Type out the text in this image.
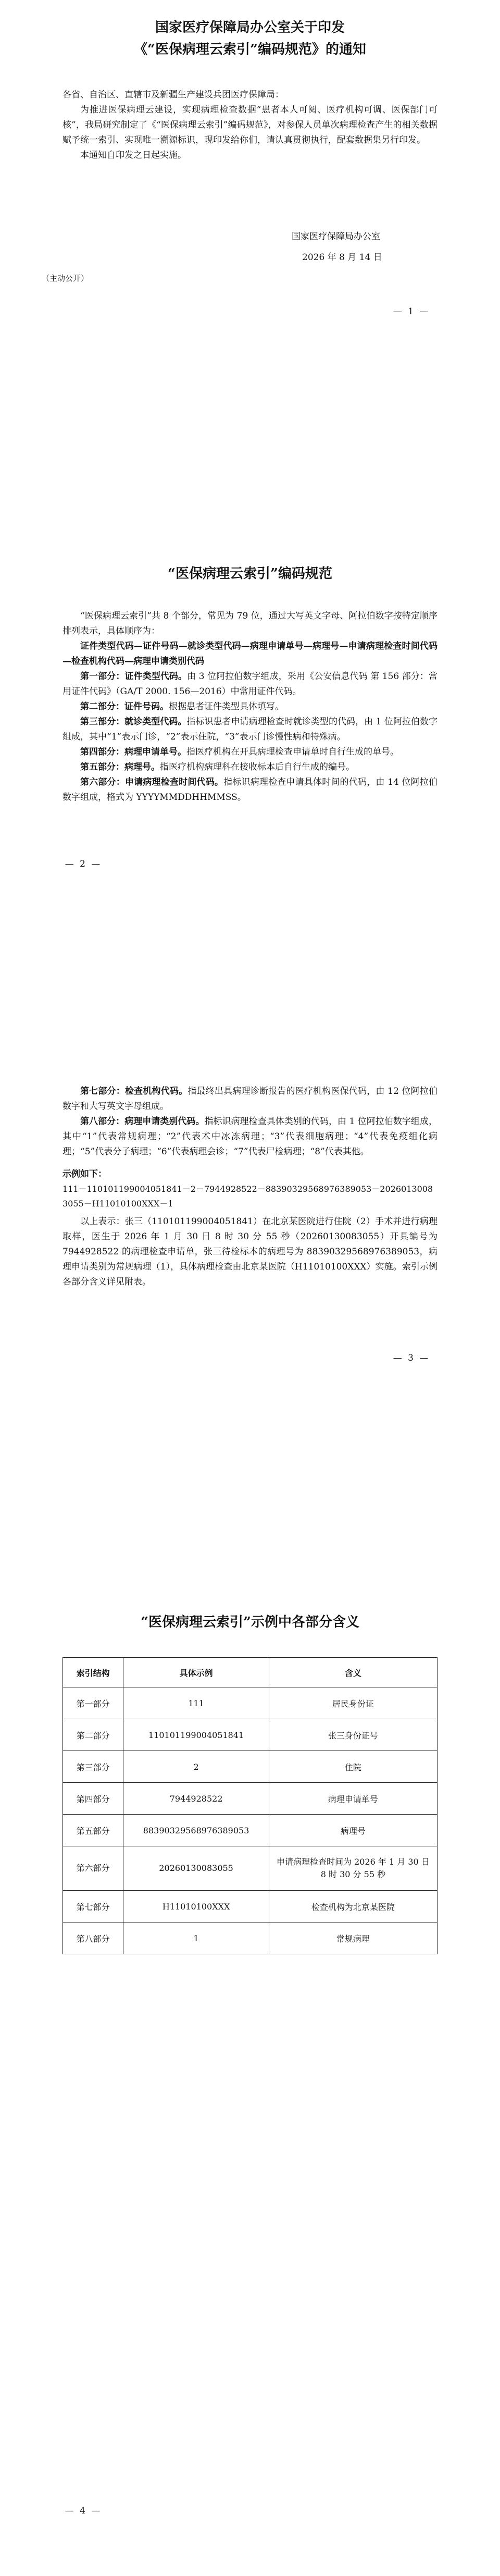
国家医疗保障局办公室关于印发
《“医保病理云索引”编码规范》的通知

各省、自治区、直辖市及新疆生产建设兵团医疗保障局：

为推进医保病理云建设，实现病理检查数据“患者本人可阅、医疗机构可调、医保部门可核”，我局研究制定了《“医保病理云索引”编码规范》，对参保人员单次病理检查产生的相关数据赋予统一索引、实现唯一溯源标识，现印发给你们，请认真贯彻执行，配套数据集另行印发。

本通知自印发之日起实施。

国家医疗保障局办公室
2026 年 8 月 14 日
（主动公开）
— 1 —
“医保病理云索引”编码规范

“医保病理云索引”共 8 个部分，常见为 79 位，通过大写英文字母、阿拉伯数字按特定顺序排列表示，具体顺序为：

证件类型代码—证件号码—就诊类型代码—病理申请单号—病理号—申请病理检查时间代码—检查机构代码—病理申请类别代码

第一部分：证件类型代码。由 3 位阿拉伯数字组成，采用《公安信息代码 第 156 部分：常用证件代码》（GA/T 2000. 156—2016）中常用证件代码。

第二部分：证件号码。根据患者证件类型具体填写。

第三部分：就诊类型代码。指标识患者申请病理检查时就诊类型的代码，由 1 位阿拉伯数字组成，其中“1”表示门诊，“2”表示住院，“3”表示门诊慢性病和特殊病。

第四部分：病理申请单号。指医疗机构在开具病理检查申请单时自行生成的单号。

第五部分：病理号。指医疗机构病理科在接收标本后自行生成的编号。

第六部分：申请病理检查时间代码。指标识病理检查申请具体时间的代码，由 14 位阿拉伯数字组成，格式为 YYYYMMDDHHMMSS。

— 2 —

第七部分：检查机构代码。指最终出具病理诊断报告的医疗机构医保代码，由 12 位阿拉伯数字和大写英文字母组成。

第八部分：病理申请类别代码。指标识病理检查具体类别的代码，由 1 位阿拉伯数字组成，其中“1”代表常规病理；“2”代表术中冰冻病理；“3”代表细胞病理；“4”代表免疫组化病理；“5”代表分子病理；“6”代表病理会诊；“7”代表尸检病理；“8”代表其他。

示例如下：

111－110101199004051841－2－7944928522－883903295689763890​53－20260130083055－H11010100XXX－1

以上表示：张三（110101199004051841）在北京某医院进行住院（2）手术并进行病理取样，医生于 2026 年 1 月 30 日 8 时 30 分 55 秒（20260130083055）开具编号为 7944928522 的病理检查申请单，张三待检标本的病理号为 88390329568976389053，病理申请类别为常规病理（1），具体病理检查由北京某医院（H11010100XXX）实施。索引示例各部分含义详见附表。

— 3 —
“医保病理云索引”示例中各部分含义
索引结构	具体示例	含义
第一部分	111	居民身份证
第二部分	110101199004051841	张三身份证号
第三部分	2	住院
第四部分	7944928522	病理申请单号
第五部分	88390329568976389053	病理号
第六部分	20260130083055	申请病理检查时间为 2026 年 1 月 30 日 8 时 30 分 55 秒
第七部分	H11010100XXX	检查机构为北京某医院
第八部分	1	常规病理
— 4 —
